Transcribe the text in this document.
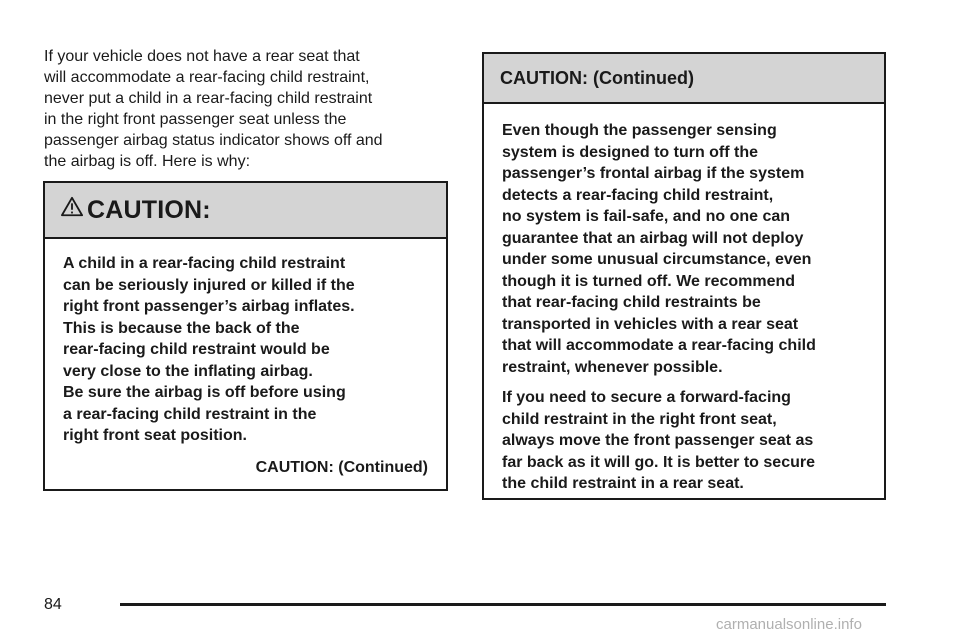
If your vehicle does not have a rear seat that
will accommodate a rear-facing child restraint,
never put a child in a rear-facing child restraint
in the right front passenger seat unless the
passenger airbag status indicator shows off and
the airbag is off. Here is why:
CAUTION:
A child in a rear-facing child restraint
can be seriously injured or killed if the
right front passenger’s airbag inflates.
This is because the back of the
rear-facing child restraint would be
very close to the inflating airbag.
Be sure the airbag is off before using
a rear-facing child restraint in the
right front seat position.
CAUTION: (Continued)
CAUTION: (Continued)
Even though the passenger sensing
system is designed to turn off the
passenger’s frontal airbag if the system
detects a rear-facing child restraint,
no system is fail-safe, and no one can
guarantee that an airbag will not deploy
under some unusual circumstance, even
though it is turned off. We recommend
that rear-facing child restraints be
transported in vehicles with a rear seat
that will accommodate a rear-facing child
restraint, whenever possible.
If you need to secure a forward-facing
child restraint in the right front seat,
always move the front passenger seat as
far back as it will go. It is better to secure
the child restraint in a rear seat.
84
carmanualsonline.info
